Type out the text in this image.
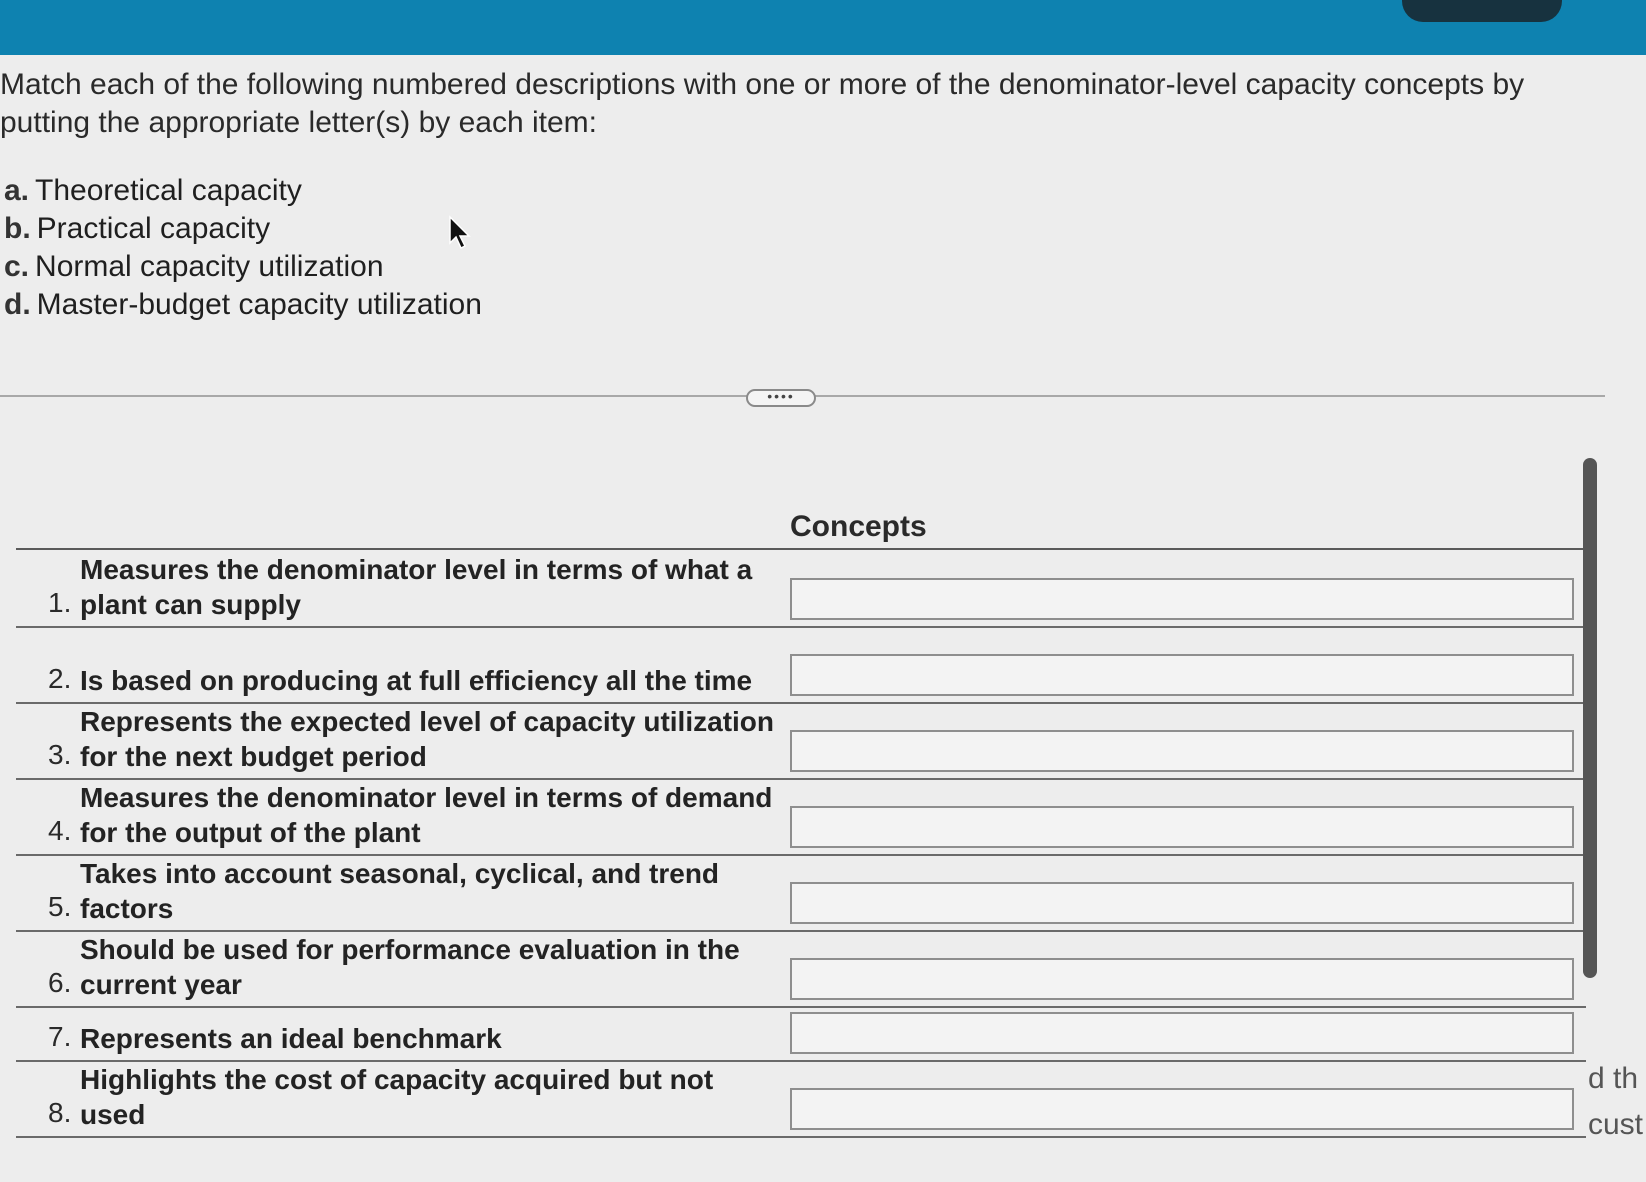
Match each of the following numbered descriptions with one or more of the denominator-level capacity concepts by putting the appropriate letter(s) by each item:

a. Theoretical capacity
b. Practical capacity
c. Normal capacity utilization
d. Master-budget capacity utilization
••••
Concepts
1.
Measures the denominator level in terms of what a plant can supply
2. Is based on producing at full efficiency all the time
3.
Represents the expected level of capacity utilization for the next budget period
4.
Measures the denominator level in terms of demand for the output of the plant
5.
Takes into account seasonal, cyclical, and trend factors
6.
Should be used for performance evaluation in the current year
7. Represents an ideal benchmark
8.
Highlights the cost of capacity acquired but not used
d th
cust
